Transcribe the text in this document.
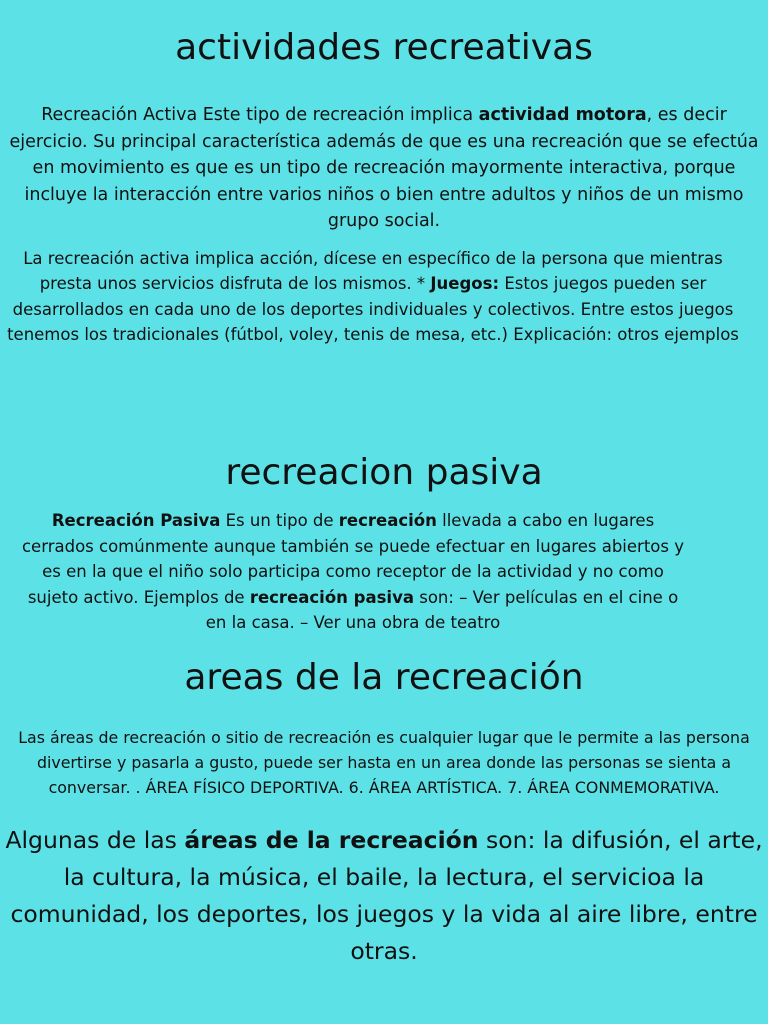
actividades recreativas

Recreación Activa Este tipo de recreación implica actividad motora, es decir ejercicio. Su principal característica además de que es una recreación que se efectúa en movimiento es que es un tipo de recreación mayormente interactiva, porque incluye la interacción entre varios niños o bien entre adultos y niños de un mismo grupo social.

La recreación activa implica acción, dícese en específico de la persona que mientras presta unos servicios disfruta de los mismos. * Juegos: Estos juegos pueden ser desarrollados en cada uno de los deportes individuales y colectivos. Entre estos juegos tenemos los tradicionales (fútbol, voley, tenis de mesa, etc.) Explicación: otros ejemplos

recreacion pasiva

Recreación Pasiva Es un tipo de recreación llevada a cabo en lugares cerrados comúnmente aunque también se puede efectuar en lugares abiertos y es en la que el niño solo participa como receptor de la actividad y no como sujeto activo. Ejemplos de recreación pasiva son: – Ver películas en el cine o en la casa. – Ver una obra de teatro

areas de la recreación

Las áreas de recreación o sitio de recreación es cualquier lugar que le permite a las persona divertirse y pasarla a gusto, puede ser hasta en un area donde las personas se sienta a conversar. . ÁREA FÍSICO DEPORTIVA. 6. ÁREA ARTÍSTICA. 7. ÁREA CONMEMORATIVA.

Algunas de las áreas de la recreación son: la difusión, el arte, la cultura, la música, el baile, la lectura, el servicioa la comunidad, los deportes, los juegos y la vida al aire libre, entre otras.
